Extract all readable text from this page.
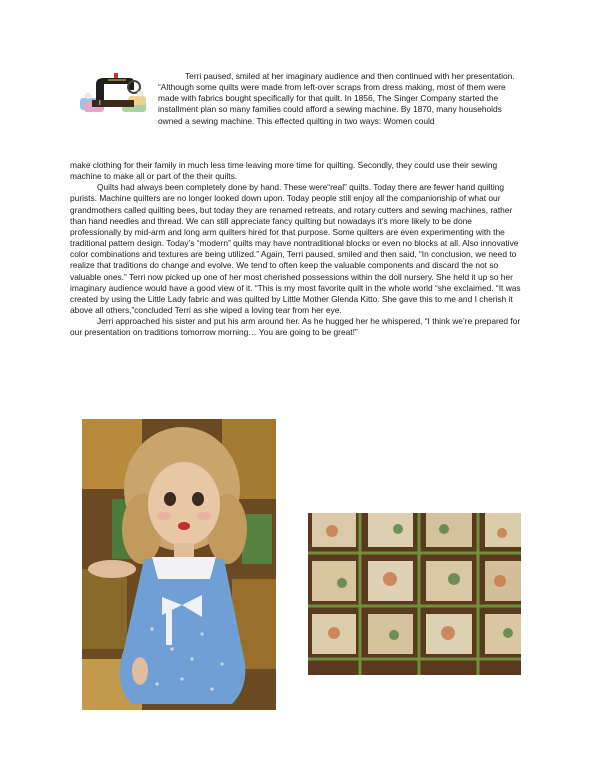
Terri paused, smiled at her imaginary audience and then continued with her presentation. “Although some quilts were made from left-over scraps from dress making, most of them were made with fabrics bought specifically for that quilt. In 1856, The Singer Company started the installment plan so many families could afford a sewing machine. By 1870, many households owned a sewing machine. This effected quilting in two ways: Women could

make clothing for their family in much less time leaving more time for quilting. Secondly, they could use their sewing machine to make all or part of the their quilts.

Quilts had always been completely done by hand. These were“real” quilts. Today there are fewer hand quilting purists. Machine quilters are no longer looked down upon. Today people still enjoy all the companionship of what our grandmothers called quilting bees, but today they are renamed retreats, and rotary cutters and sewing machines, rather than hand needles and thread. We can still appreciate fancy quilting but nowadays it’s more likely to be done professionally by mid-arm and long arm quilters hired for that purpose. Some quilters are even experimenting with the traditional pattern design. Today’s “modern” quilts may have nontraditional blocks or even no blocks at all. Also innovative color combinations and textures are being utilized.” Again, Terri paused, smiled and then said, “In conclusion, we need to realize that traditions do change and evolve. We tend to often keep the valuable components and discard the not so valuable ones.” Terri now picked up one of her most cherished possessions within the doll nursery. She held it up so her imaginary audience would have a good view of it. “This is my most favorite quilt in the whole world “she exclaimed. “It was created by using the Little Lady fabric and was quilted by Little Mother Glenda Kitto. She gave this to me and I cherish it above all others,”concluded Terri as she wiped a loving tear from her eye.

Jerri approached his sister and put his arm around her. As he hugged her he whispered, “I think we’re prepared for our presentation on traditions tomorrow morning… You are going to be great!”
